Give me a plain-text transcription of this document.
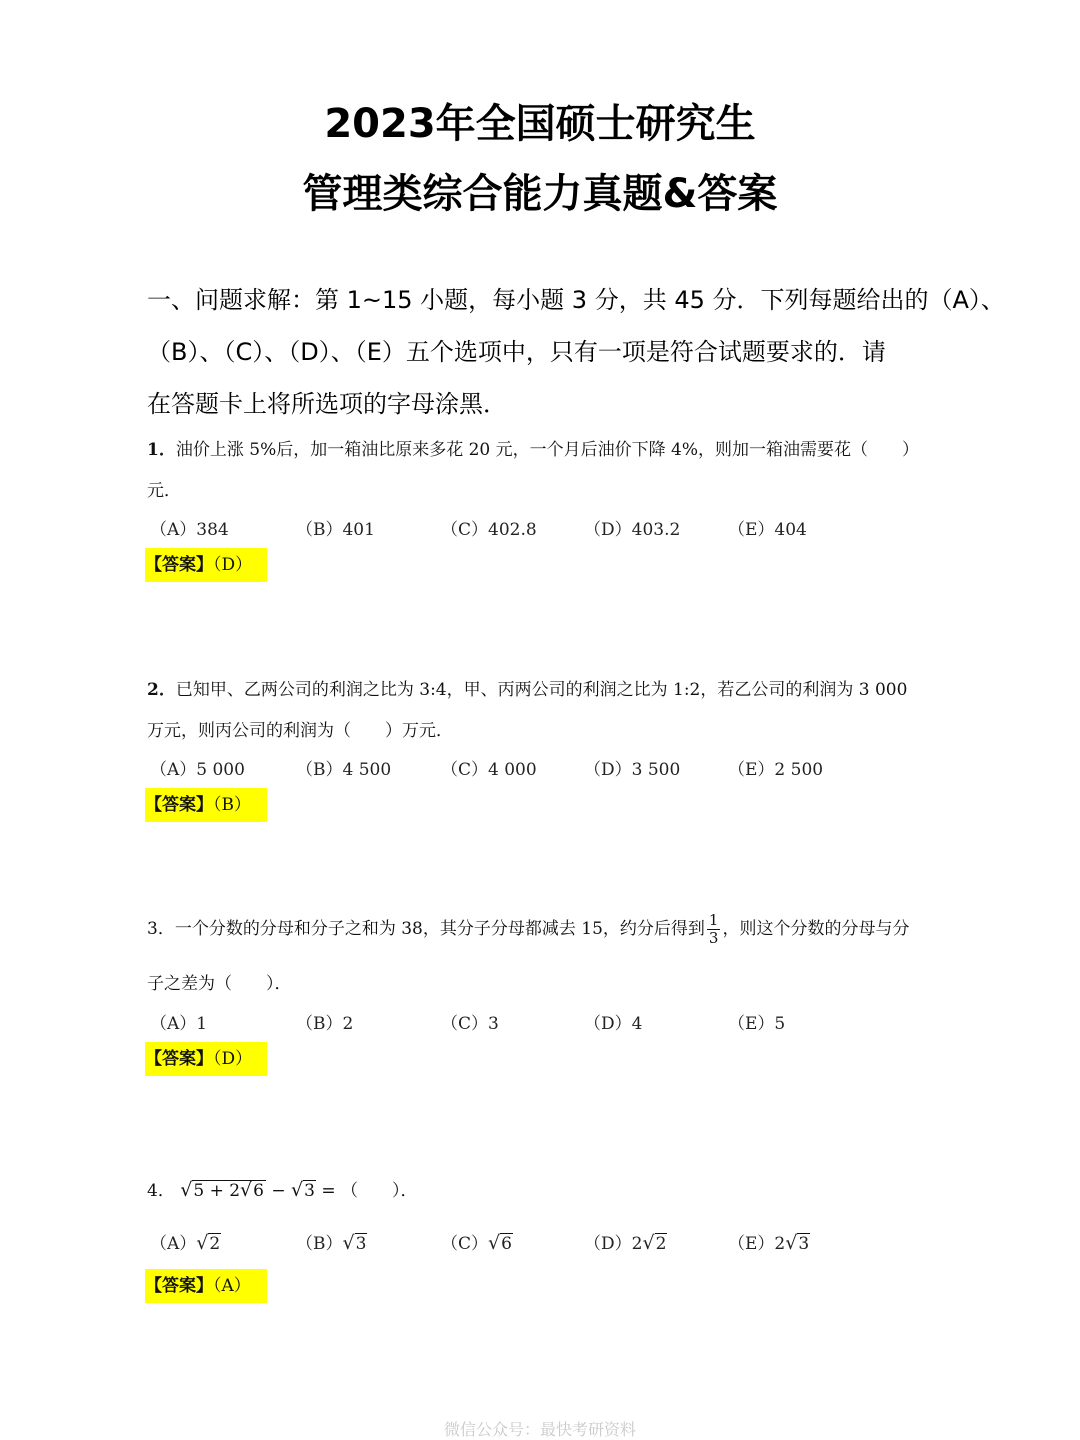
2023年全国硕士研究生
管理类综合能力真题&答案
一、问题求解：第 1~15 小题，每小题 3 分，共 45 分．下列每题给出的（A）、
（B）、（C）、（D）、（E）五个选项中，只有一项是符合试题要求的．请
在答题卡上将所选项的字母涂黑．
1．油价上涨 5%后，加一箱油比原来多花 20 元，一个月后油价下降 4%，则加一箱油需要花（　　）
元．
（A）384	（B）401	（C）402.8	（D）403.2	（E）404
【答案】（D）
2．已知甲、乙两公司的利润之比为 3:4，甲、丙两公司的利润之比为 1:2，若乙公司的利润为 3 000
万元，则丙公司的利润为（　　）万元．
（A）5 000	（B）4 500	（C）4 000	（D）3 500	（E）2 500
【答案】（B）
3．一个分数的分母和分子之和为 38，其分子分母都减去 15，约分后得到 $\frac{1}{3}$ ，则这个分数的分母与分
子之差为（　　）．
（A）1	（B）2	（C）3	（D）4	（E）5
【答案】（D）
4． √5 + 2√6 − √3 = （　　）．
（A）√2	（B）√3	（C）√6	（D）2√2	（E）2√3
【答案】（A）
微信公众号：最快考研资料
